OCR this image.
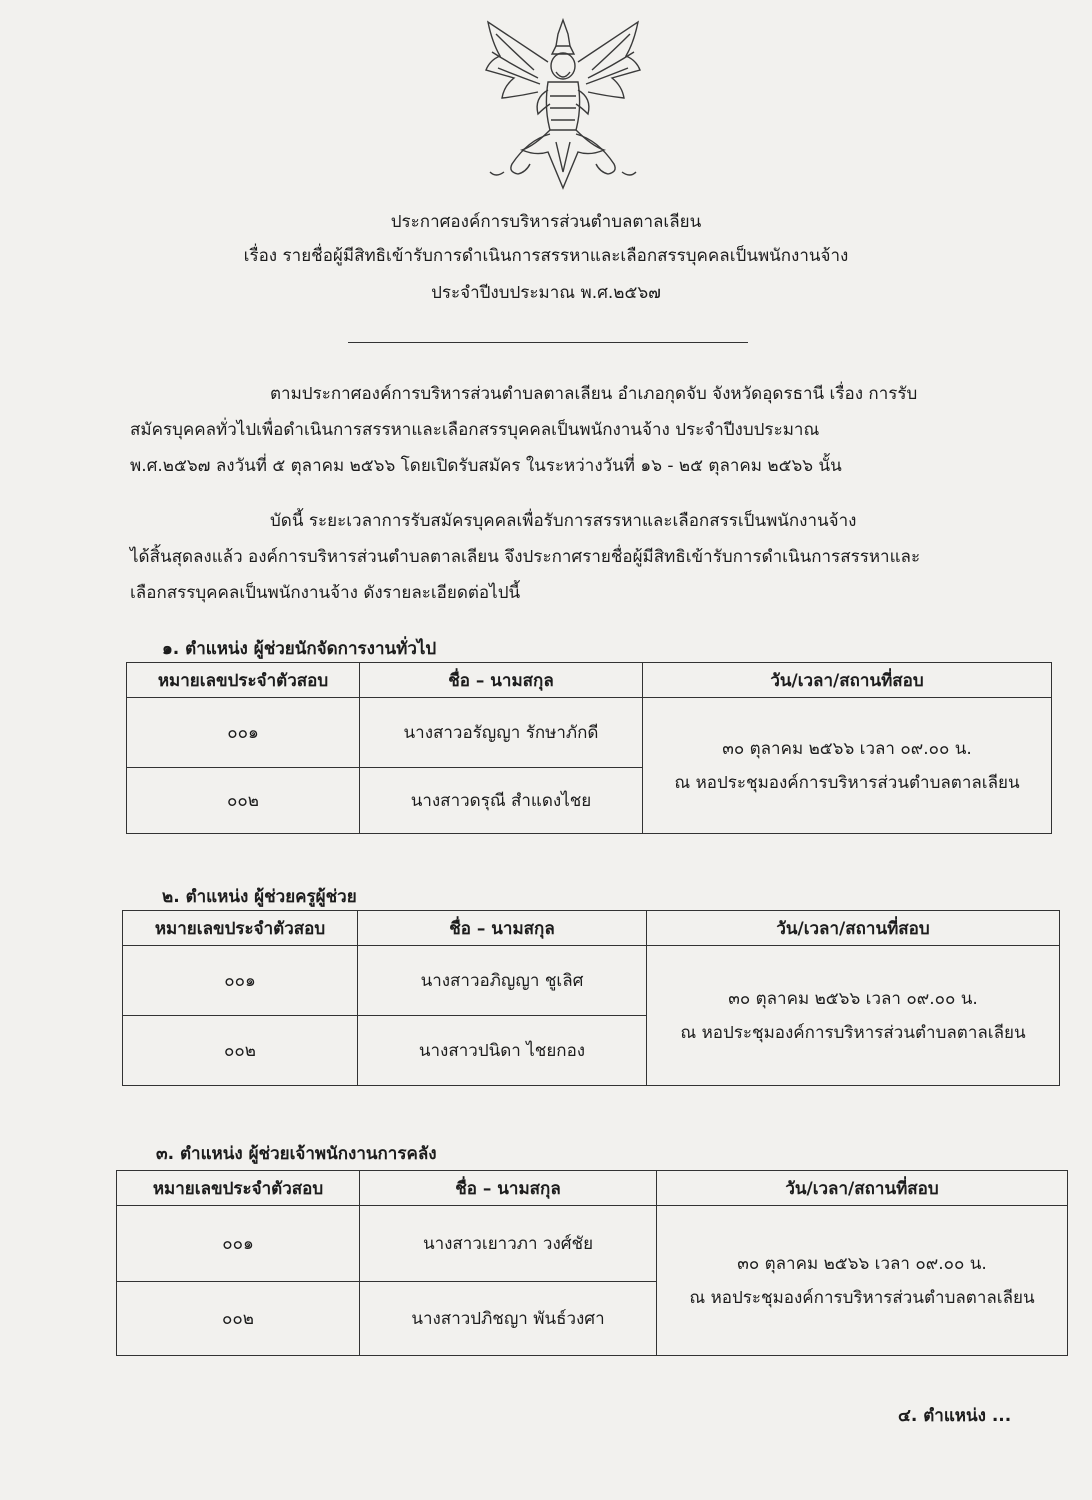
ประกาศองค์การบริหารส่วนตำบลตาลเลียน
เรื่อง รายชื่อผู้มีสิทธิเข้ารับการดำเนินการสรรหาและเลือกสรรบุคคลเป็นพนักงานจ้าง
ประจำปีงบประมาณ พ.ศ.๒๕๖๗
ตามประกาศองค์การบริหารส่วนตำบลตาลเลียน อำเภอกุดจับ จังหวัดอุดรธานี เรื่อง การรับ
สมัครบุคคลทั่วไปเพื่อดำเนินการสรรหาและเลือกสรรบุคคลเป็นพนักงานจ้าง ประจำปีงบประมาณ
พ.ศ.๒๕๖๗ ลงวันที่ ๕ ตุลาคม ๒๕๖๖ โดยเปิดรับสมัคร ในระหว่างวันที่ ๑๖ - ๒๕ ตุลาคม ๒๕๖๖ นั้น
บัดนี้ ระยะเวลาการรับสมัครบุคคลเพื่อรับการสรรหาและเลือกสรรเป็นพนักงานจ้าง
ได้สิ้นสุดลงแล้ว องค์การบริหารส่วนตำบลตาลเลียน จึงประกาศรายชื่อผู้มีสิทธิเข้ารับการดำเนินการสรรหาและ
เลือกสรรบุคคลเป็นพนักงานจ้าง ดังรายละเอียดต่อไปนี้
๑. ตำแหน่ง ผู้ช่วยนักจัดการงานทั่วไป
หมายเลขประจำตัวสอบ	ชื่อ – นามสกุล	วัน/เวลา/สถานที่สอบ
๐๐๑	นางสาวอรัญญา รักษาภักดี	๓๐ ตุลาคม ๒๕๖๖ เวลา ๐๙.๐๐ น.
ณ หอประชุมองค์การบริหารส่วนตำบลตาลเลียน

๐๐๒	นางสาวดรุณี สำแดงไชย	
๒. ตำแหน่ง ผู้ช่วยครูผู้ช่วย
หมายเลขประจำตัวสอบ	ชื่อ – นามสกุล	วัน/เวลา/สถานที่สอบ
๐๐๑	นางสาวอภิญญา ชูเลิศ	๓๐ ตุลาคม ๒๕๖๖ เวลา ๐๙.๐๐ น.
ณ หอประชุมองค์การบริหารส่วนตำบลตาลเลียน

๐๐๒	นางสาวปนิดา ไชยกอง	
๓. ตำแหน่ง ผู้ช่วยเจ้าพนักงานการคลัง
หมายเลขประจำตัวสอบ	ชื่อ – นามสกุล	วัน/เวลา/สถานที่สอบ
๐๐๑	นางสาวเยาวภา วงศ์ชัย	๓๐ ตุลาคม ๒๕๖๖ เวลา ๐๙.๐๐ น.
ณ หอประชุมองค์การบริหารส่วนตำบลตาลเลียน

๐๐๒	นางสาวปภิชญา พันธ์วงศา	
๔. ตำแหน่ง ...
